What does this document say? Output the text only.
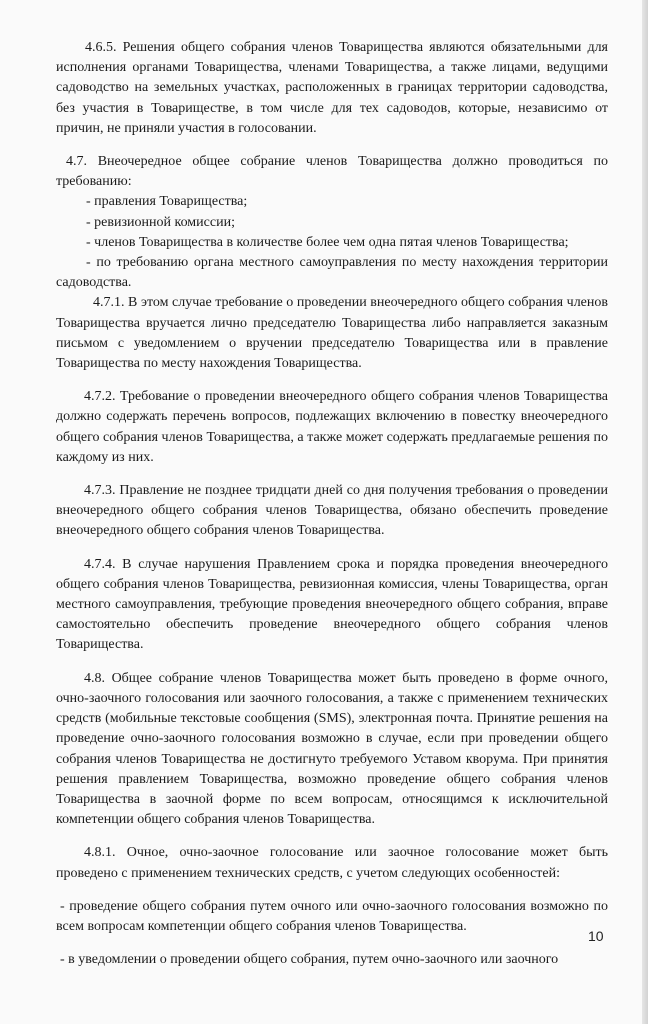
4.6.5. Решения общего собрания членов Товарищества являются обязательными для исполнения органами Товарищества, членами Товарищества, а также лицами, ведущими садоводство на земельных участках, расположенных в границах территории садоводства, без участия в Товариществе, в том числе для тех садоводов, которые, независимо от причин, не приняли участия в голосовании.

4.7. Внеочередное общее собрание членов Товарищества должно проводиться по требованию:

- правления Товарищества;

- ревизионной комиссии;

- членов Товарищества в количестве более чем одна пятая членов Товарищества;

- по требованию органа местного самоуправления по месту нахождения территории садоводства.

4.7.1. В этом случае требование о проведении внеочередного общего собрания членов Товарищества вручается лично председателю Товарищества либо направляется заказным письмом с уведомлением о вручении председателю Товарищества или в правление Товарищества по месту нахождения Товарищества.

4.7.2. Требование о проведении внеочередного общего собрания членов Товарищества должно содержать перечень вопросов, подлежащих включению в повестку внеочередного общего собрания членов Товарищества, а также может содержать предлагаемые решения по каждому из них.

4.7.3. Правление не позднее тридцати дней со дня получения требования о проведении внеочередного общего собрания членов Товарищества, обязано обеспечить проведение внеочередного общего собрания членов Товарищества.

4.7.4. В случае нарушения Правлением срока и порядка проведения внеочередного общего собрания членов Товарищества, ревизионная комиссия, члены Товарищества, орган местного самоуправления, требующие проведения внеочередного общего собрания, вправе самостоятельно обеспечить проведение внеочередного общего собрания членов Товарищества.

4.8. Общее собрание членов Товарищества может быть проведено в форме очного, очно-заочного голосования или заочного голосования, а также с применением технических средств (мобильные текстовые сообщения (SMS), электронная почта. Принятие решения на проведение очно-заочного голосования возможно в случае, если при проведении общего собрания членов Товарищества не достигнуто требуемого Уставом кворума. При принятия решения правлением Товарищества, возможно проведение общего собрания членов Товарищества в заочной форме по всем вопросам, относящимся к исключительной компетенции общего собрания членов Товарищества.

4.8.1. Очное, очно-заочное голосование или заочное голосование может быть проведено с применением технических средств, с учетом следующих особенностей:

- проведение общего собрания путем очного или очно-заочного голосования возможно по всем вопросам компетенции общего собрания членов Товарищества.

- в уведомлении о проведении общего собрания, путем очно-заочного или заочного

10
